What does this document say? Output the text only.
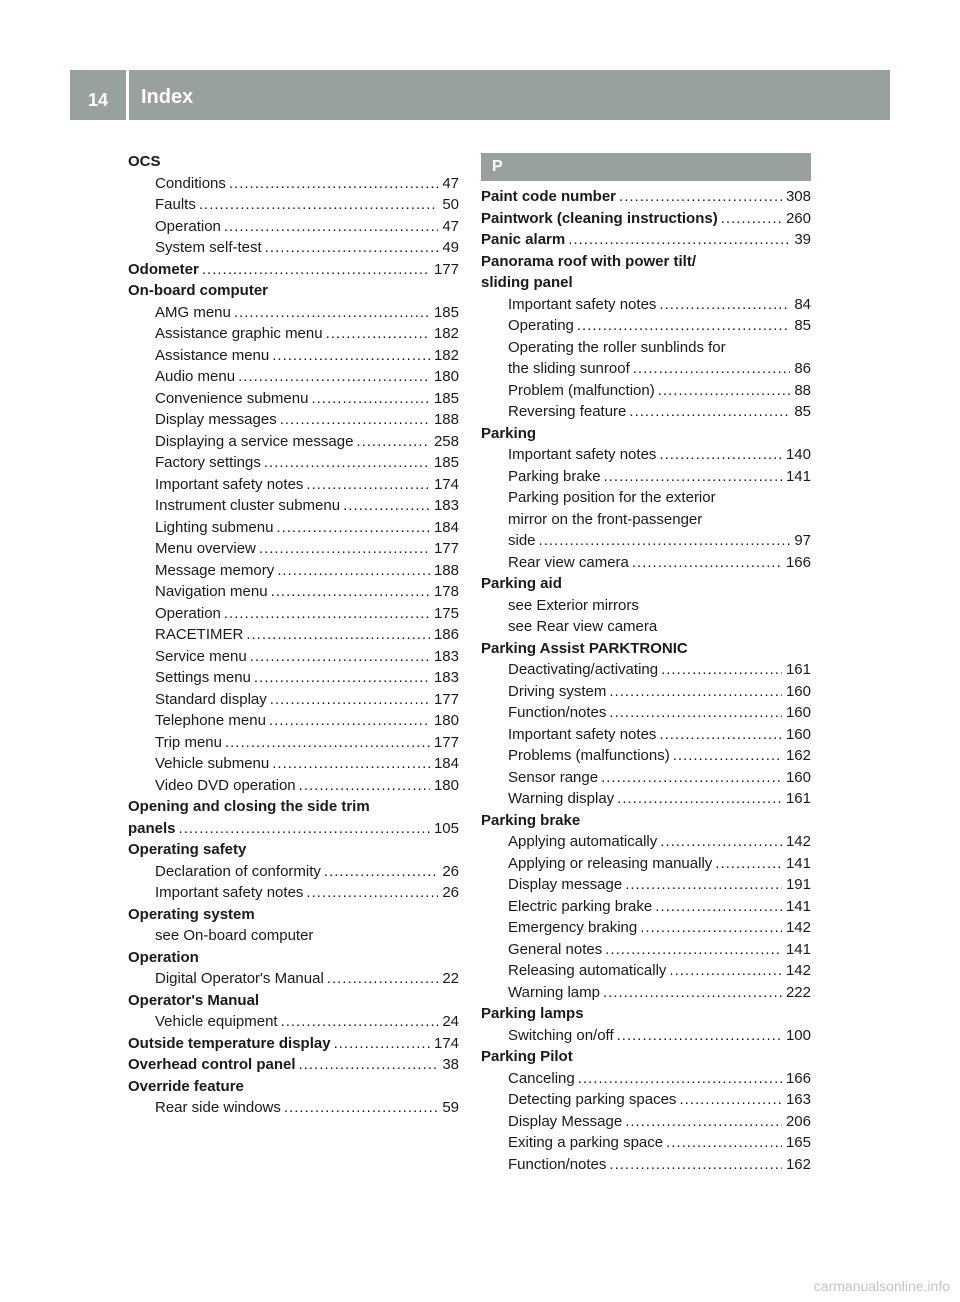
14	Index
OCS
Conditions .....	47
Faults .....	50
Operation .....	47
System self-test .....	49
Odometer .....	177
On-board computer
AMG menu .....	185
Assistance graphic menu .....	182
Assistance menu .....	182
Audio menu .....	180
Convenience submenu .....	185
Display messages .....	188
Displaying a service message .....	258
Factory settings .....	185
Important safety notes .....	174
Instrument cluster submenu .....	183
Lighting submenu .....	184
Menu overview .....	177
Message memory .....	188
Navigation menu .....	178
Operation .....	175
RACETIMER .....	186
Service menu .....	183
Settings menu .....	183
Standard display .....	177
Telephone menu .....	180
Trip menu .....	177
Vehicle submenu .....	184
Video DVD operation .....	180
Opening and closing the side trim
panels .....	105
Operating safety
Declaration of conformity .....	26
Important safety notes .....	26
Operating system
see On-board computer
Operation
Digital Operator's Manual .....	22
Operator's Manual
Vehicle equipment .....	24
Outside temperature display .....	174
Overhead control panel .....	38
Override feature
Rear side windows .....	59
P
Paint code number .....	308
Paintwork (cleaning instructions) .....	260
Panic alarm .....	39
Panorama roof with power tilt/
sliding panel
Important safety notes .....	84
Operating .....	85
Operating the roller sunblinds for
the sliding sunroof .....	86
Problem (malfunction) .....	88
Reversing feature .....	85
Parking
Important safety notes .....	140
Parking brake .....	141
Parking position for the exterior
mirror on the front-passenger
side .....	97
Rear view camera .....	166
Parking aid
see Exterior mirrors
see Rear view camera
Parking Assist PARKTRONIC
Deactivating/activating .....	161
Driving system .....	160
Function/notes .....	160
Important safety notes .....	160
Problems (malfunctions) .....	162
Sensor range .....	160
Warning display .....	161
Parking brake
Applying automatically .....	142
Applying or releasing manually .....	141
Display message .....	191
Electric parking brake .....	141
Emergency braking .....	142
General notes .....	141
Releasing automatically .....	142
Warning lamp .....	222
Parking lamps
Switching on/off .....	100
Parking Pilot
Canceling .....	166
Detecting parking spaces .....	163
Display Message .....	206
Exiting a parking space .....	165
Function/notes .....	162
carmanualsonline.info
